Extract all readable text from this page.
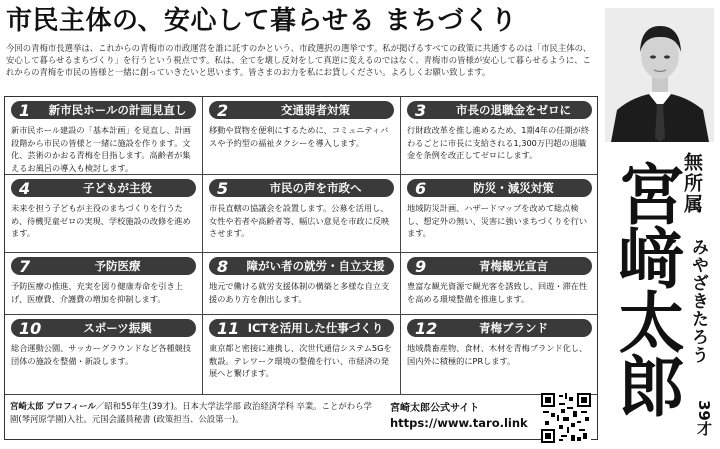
市民主体の、安心して暮らせる まちづくり
今回の青梅市長選挙は、これからの青梅市の市政運営を誰に託すのかという、市政選択の選挙です。私が掲げるすべての政策に共通するのは「市民主体の、安心して暮らせるまちづくり」を行うという視点です。私は、全てを壊し反対をして真逆に変えるのではなく、青梅市の皆様が安心して暮らせるように、これからの青梅を市民の皆様と一緒に創っていきたいと思います。皆さまのお力を私にお貸しください。よろしくお願い致します。
1	新市民ホールの計画見直し
新市民ホール建設の「基本計画」を見直し、計画段階から市民の皆様と一緒に施設を作ります。文化、芸術のかおる青梅を目指します。高齢者が集えるお風呂の導入も検討します。
2	交通弱者対策
移動や買物を便利にするために、コミュニティバスや予約型の福祉タクシーを導入します。
3	市長の退職金をゼロに
行財政改革を推し進めるため、1期4年の任期が終わるごとに市長に支給される1,300万円超の退職金を条例を改正してゼロにします。
4	子どもが主役
未来を担う子どもが主役のまちづくりを行うため、待機児童ゼロの実現、学校施設の改修を進めます。
5	市民の声を市政へ
市長直轄の協議会を設置します。公募を活用し、女性や若者や高齢者等、幅広い意見を市政に反映させます。
6	防災・減災対策
地域防災計画、ハザードマップを改めて総点検し、想定外の無い、災害に強いまちづくりを行います。
7	予防医療
予防医療の推進、充実を図り健康寿命を引き上げ、医療費、介護費の増加を抑制します。
8	障がい者の就労・自立支援
地元で働ける就労支援体制の構築と多様な自立支援のあり方を創出します。
9	青梅観光宣言
豊富な観光資源で観光客を誘致し、回遊・滞在性を高める環境整備を推進します。
10	スポーツ振興
総合運動公園、サッカーグラウンドなど各種競技団体の施設を整備・新設します。
11 ICTを活用した仕事づくり
東京都と密接に連携し、次世代通信システム5Gを敷設。テレワーク環境の整備を行い、市経済の発展へと繋げます。
12	青梅ブランド
地域農畜産物、食材、木材を青梅ブランド化し、国内外に積極的にPRします。
宮崎太郎 プロフィール／昭和55年生(39才)。日本大学法学部 政治経済学科 卒業。ことがわら学園(琴河原学園)入社。元国会議員秘書 (政策担当、公設第一)。
宮崎太郎公式サイト
https://www.taro.link
無所属
みやざきたろう
宮﨑太郎
39才
